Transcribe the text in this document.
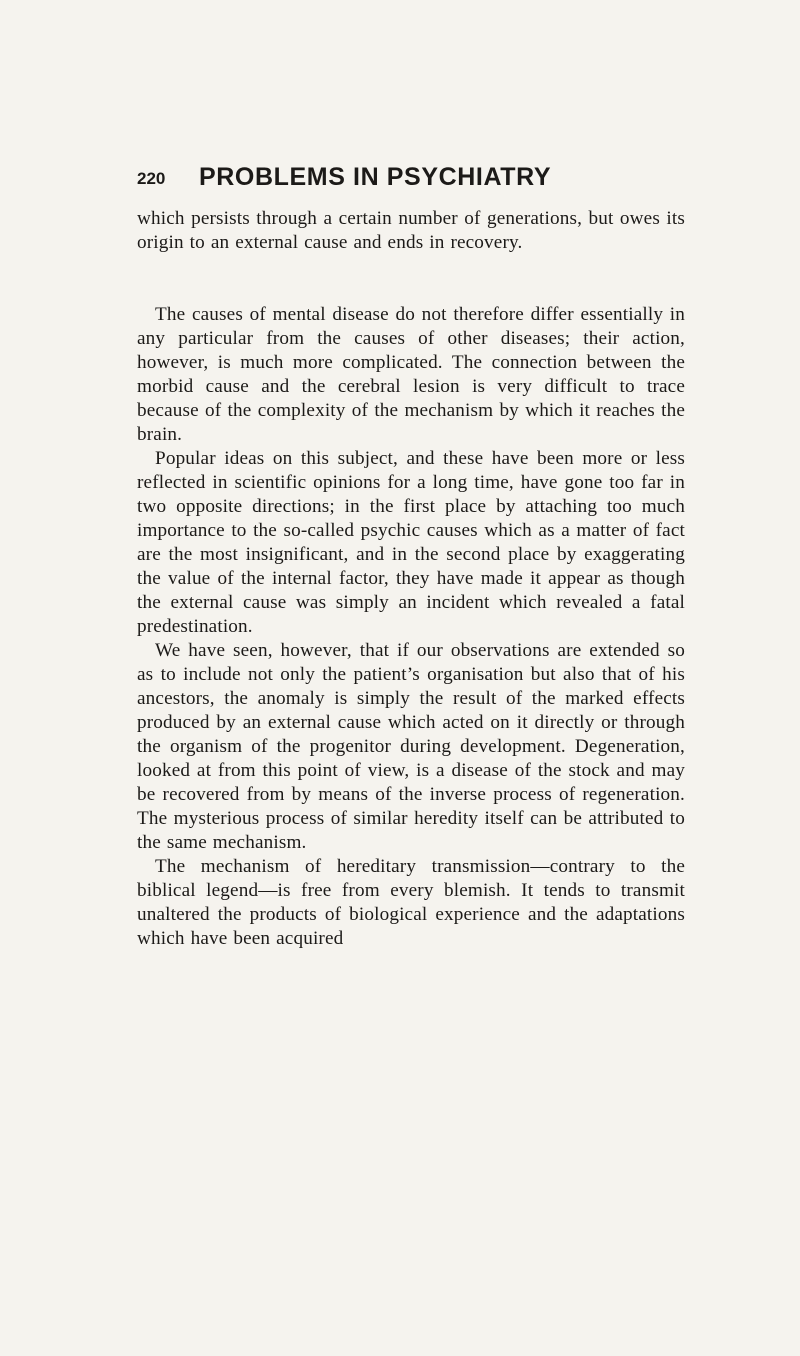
220 PROBLEMS IN PSYCHIATRY

which persists through a certain number of generations, but owes its origin to an external cause and ends in recovery.

The causes of mental disease do not therefore differ essentially in any particular from the causes of other diseases; their action, however, is much more complicated. The connection between the morbid cause and the cerebral lesion is very difficult to trace because of the complexity of the mechanism by which it reaches the brain.

Popular ideas on this subject, and these have been more or less reflected in scientific opinions for a long time, have gone too far in two opposite directions; in the first place by attaching too much importance to the so-called psychic causes which as a matter of fact are the most insignificant, and in the second place by exaggerating the value of the internal factor, they have made it appear as though the external cause was simply an incident which revealed a fatal predestination.

We have seen, however, that if our observations are extended so as to include not only the patient’s organisation but also that of his ancestors, the anomaly is simply the result of the marked effects produced by an external cause which acted on it directly or through the organism of the progenitor during development. Degeneration, looked at from this point of view, is a disease of the stock and may be recovered from by means of the inverse process of regeneration. The mysterious process of similar heredity itself can be attributed to the same mechanism.

The mechanism of hereditary transmission—contrary to the biblical legend—is free from every blemish. It tends to transmit unaltered the products of biological experience and the adaptations which have been acquired
